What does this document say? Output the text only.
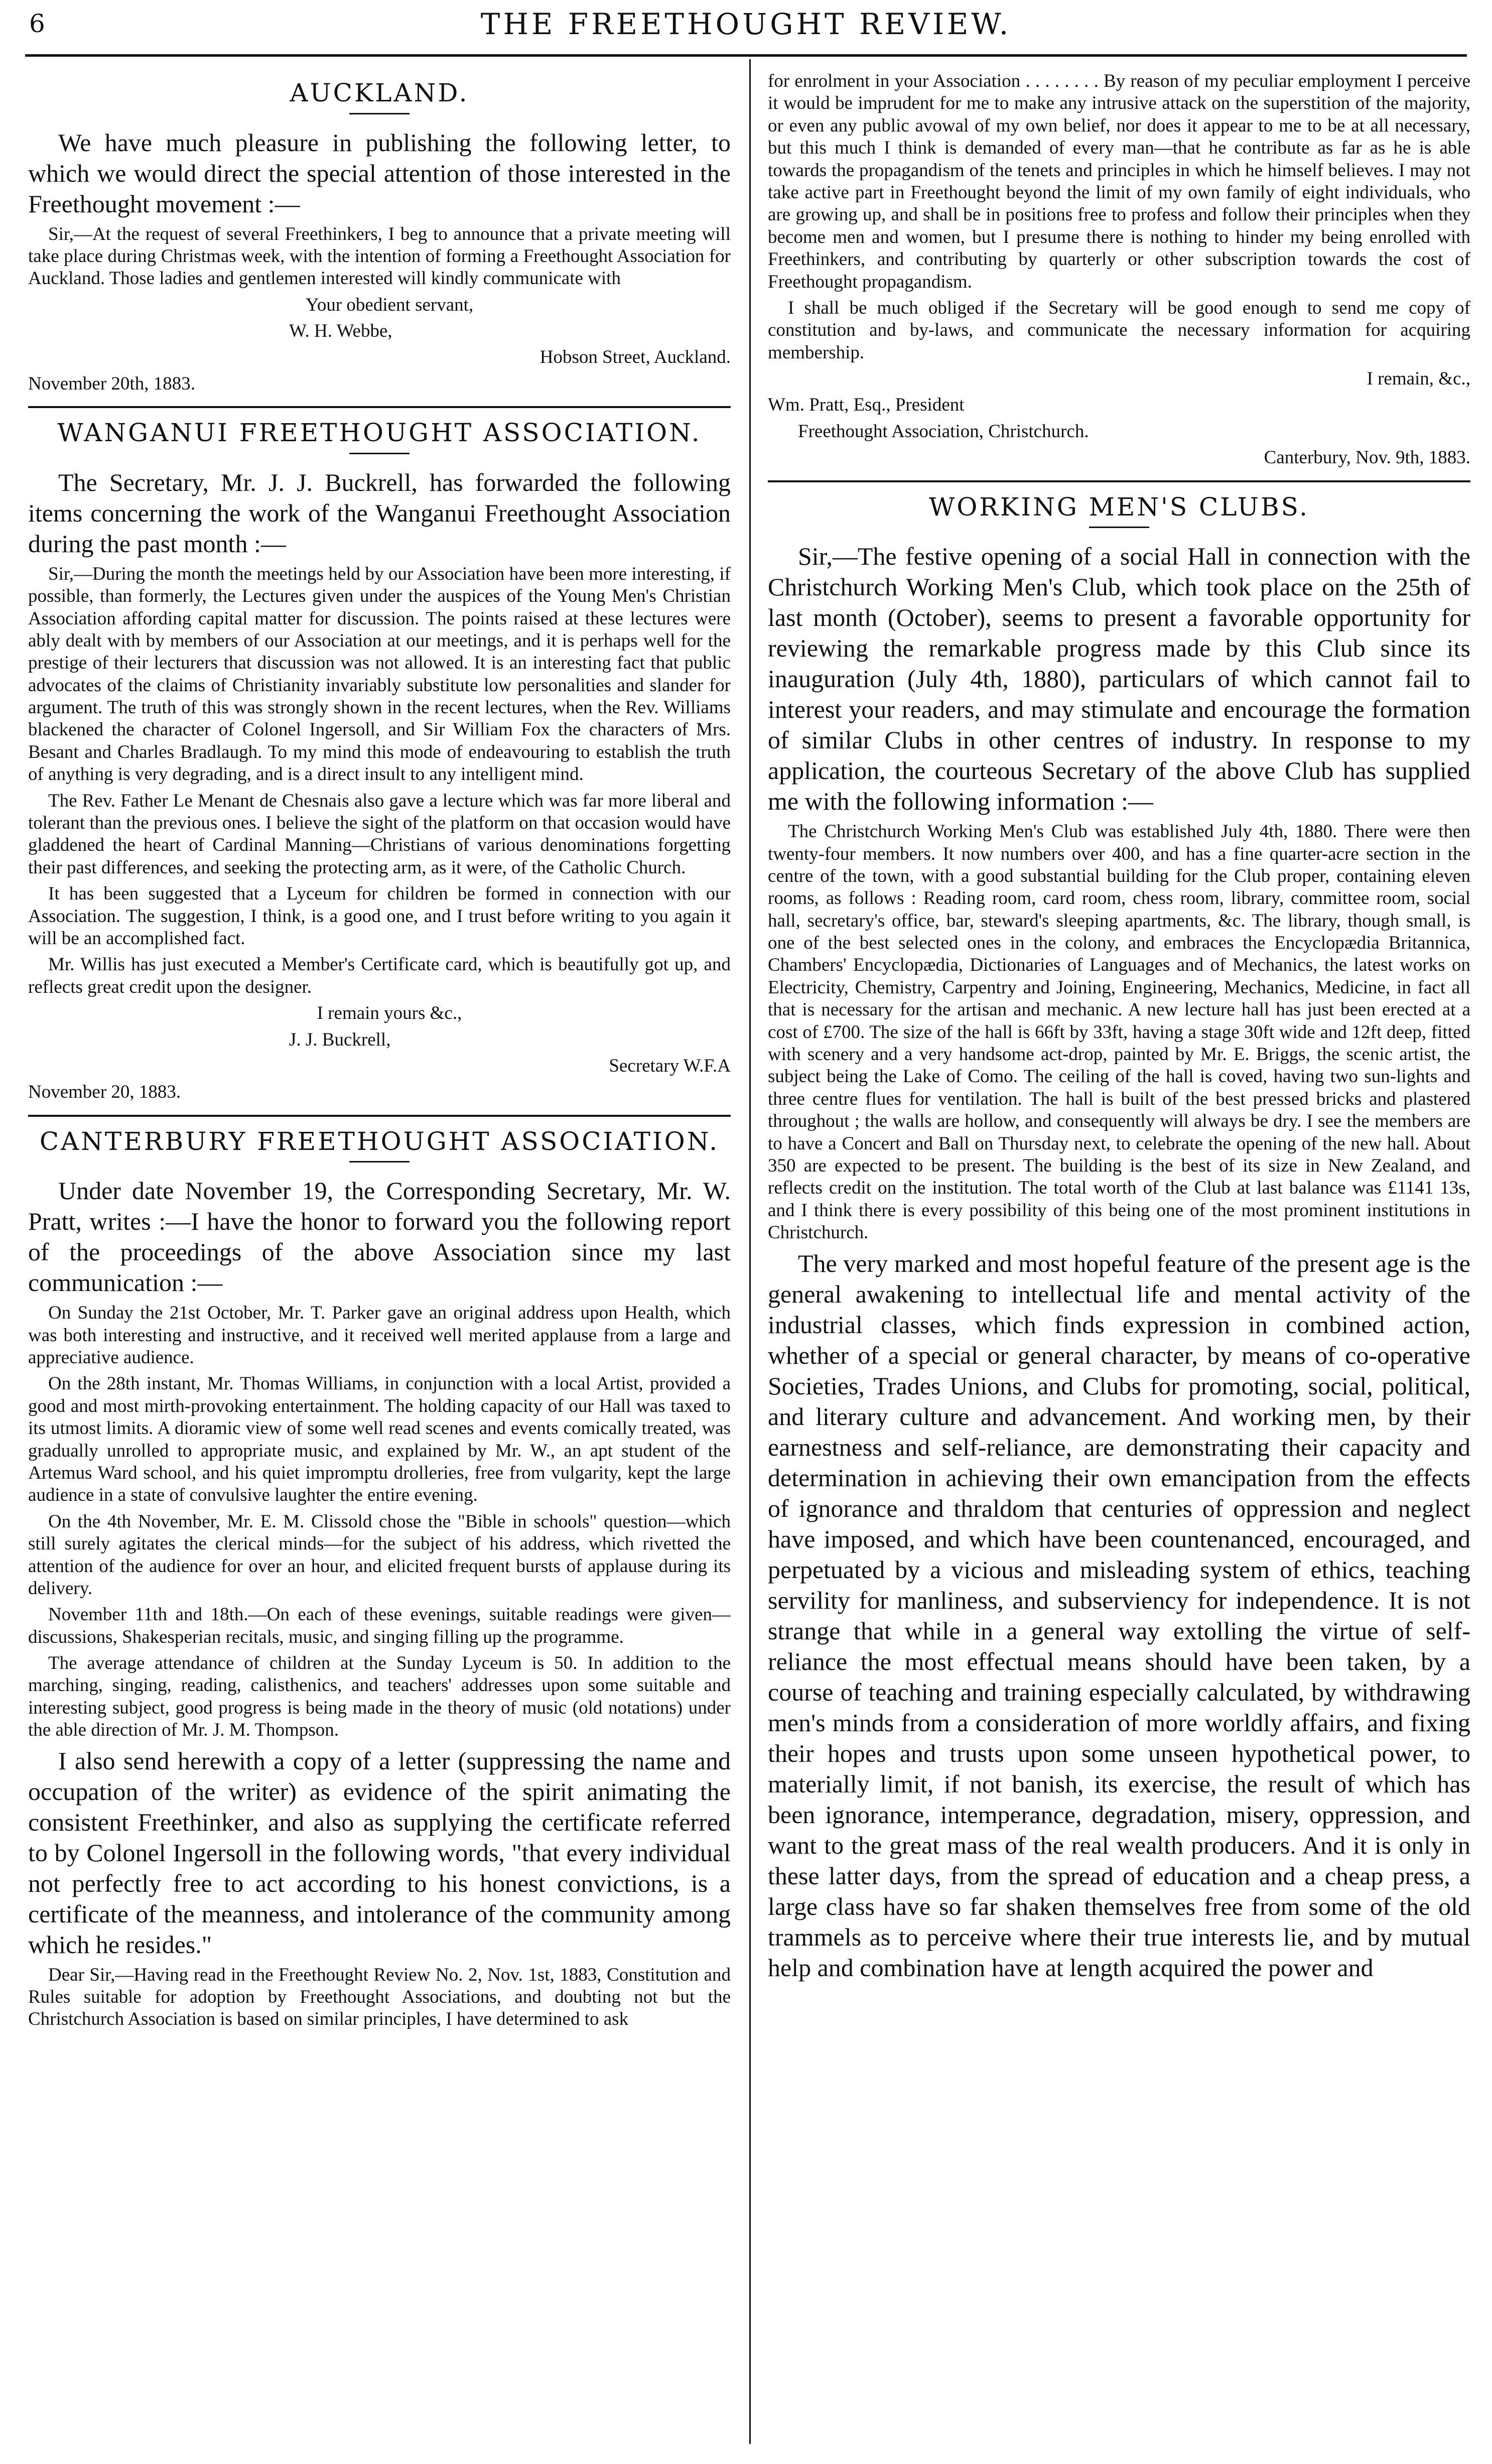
6	THE FREETHOUGHT REVIEW.
AUCKLAND.

We have much pleasure in publishing the following letter, to which we would direct the special attention of those interested in the Freethought movement :—

Sir,—At the request of several Freethinkers, I beg to announce that a private meeting will take place during Christmas week, with the intention of forming a Freethought Association for Auckland. Those ladies and gentlemen interested will kindly communicate with

Your obedient servant,

W. H. Webbe,

Hobson Street, Auckland.

November 20th, 1883.

WANGANUI FREETHOUGHT ASSOCIATION.

The Secretary, Mr. J. J. Buckrell, has forwarded the following items concerning the work of the Wanganui Freethought Association during the past month :—

Sir,—During the month the meetings held by our Association have been more interesting, if possible, than formerly, the Lectures given under the auspices of the Young Men's Christian Association affording capital matter for discussion. The points raised at these lectures were ably dealt with by members of our Association at our meetings, and it is perhaps well for the prestige of their lecturers that discussion was not allowed. It is an interesting fact that public advocates of the claims of Christianity invariably substitute low personalities and slander for argument. The truth of this was strongly shown in the recent lectures, when the Rev. Williams blackened the character of Colonel Ingersoll, and Sir William Fox the characters of Mrs. Besant and Charles Bradlaugh. To my mind this mode of endeavouring to establish the truth of anything is very degrading, and is a direct insult to any intelligent mind.

The Rev. Father Le Menant de Chesnais also gave a lecture which was far more liberal and tolerant than the previous ones. I believe the sight of the platform on that occasion would have gladdened the heart of Cardinal Manning—Christians of various denominations forgetting their past differences, and seeking the protecting arm, as it were, of the Catholic Church.

It has been suggested that a Lyceum for children be formed in connection with our Association. The suggestion, I think, is a good one, and I trust before writing to you again it will be an accomplished fact.

Mr. Willis has just executed a Member's Certificate card, which is beautifully got up, and reflects great credit upon the designer.

I remain yours &c.,

J. J. Buckrell,

Secretary W.F.A

November 20, 1883.

CANTERBURY FREETHOUGHT ASSOCIATION.

Under date November 19, the Corresponding Secretary, Mr. W. Pratt, writes :—I have the honor to forward you the following report of the proceedings of the above Association since my last communication :—

On Sunday the 21st October, Mr. T. Parker gave an original address upon Health, which was both interesting and instructive, and it received well merited applause from a large and appreciative audience.

On the 28th instant, Mr. Thomas Williams, in conjunction with a local Artist, provided a good and most mirth-provoking entertainment. The holding capacity of our Hall was taxed to its utmost limits. A dioramic view of some well read scenes and events comically treated, was gradually unrolled to appropriate music, and explained by Mr. W., an apt student of the Artemus Ward school, and his quiet impromptu drolleries, free from vulgarity, kept the large audience in a state of convulsive laughter the entire evening.

On the 4th November, Mr. E. M. Clissold chose the "Bible in schools" question—which still surely agitates the clerical minds—for the subject of his address, which rivetted the attention of the audience for over an hour, and elicited frequent bursts of applause during its delivery.

November 11th and 18th.—On each of these evenings, suitable readings were given—discussions, Shakesperian recitals, music, and singing filling up the programme.

The average attendance of children at the Sunday Lyceum is 50. In addition to the marching, singing, reading, calisthenics, and teachers' addresses upon some suitable and interesting subject, good progress is being made in the theory of music (old notations) under the able direction of Mr. J. M. Thompson.

I also send herewith a copy of a letter (suppressing the name and occupation of the writer) as evidence of the spirit animating the consistent Freethinker, and also as supplying the certificate referred to by Colonel Ingersoll in the following words, "that every individual not perfectly free to act according to his honest convictions, is a certificate of the meanness, and intolerance of the community among which he resides."

Dear Sir,—Having read in the Freethought Review No. 2, Nov. 1st, 1883, Constitution and Rules suitable for adoption by Freethought Associations, and doubting not but the Christchurch Association is based on similar principles, I have determined to ask

for enrolment in your Association . . . . . . . . By reason of my peculiar employment I perceive it would be imprudent for me to make any intrusive attack on the superstition of the majority, or even any public avowal of my own belief, nor does it appear to me to be at all necessary, but this much I think is demanded of every man—that he contribute as far as he is able towards the propagandism of the tenets and principles in which he himself believes. I may not take active part in Freethought beyond the limit of my own family of eight individuals, who are growing up, and shall be in positions free to profess and follow their principles when they become men and women, but I presume there is nothing to hinder my being enrolled with Freethinkers, and contributing by quarterly or other subscription towards the cost of Freethought propagandism.

I shall be much obliged if the Secretary will be good enough to send me copy of constitution and by-laws, and communicate the necessary information for acquiring membership.

I remain, &c.,

Wm. Pratt, Esq., President

Freethought Association, Christchurch.

Canterbury, Nov. 9th, 1883.

WORKING MEN'S CLUBS.

Sir,—The festive opening of a social Hall in connection with the Christchurch Working Men's Club, which took place on the 25th of last month (October), seems to present a favorable opportunity for reviewing the remarkable progress made by this Club since its inauguration (July 4th, 1880), particulars of which cannot fail to interest your readers, and may stimulate and encourage the formation of similar Clubs in other centres of industry. In response to my application, the courteous Secretary of the above Club has supplied me with the following information :—

The Christchurch Working Men's Club was established July 4th, 1880. There were then twenty-four members. It now numbers over 400, and has a fine quarter-acre section in the centre of the town, with a good substantial building for the Club proper, containing eleven rooms, as follows : Reading room, card room, chess room, library, committee room, social hall, secretary's office, bar, steward's sleeping apartments, &c. The library, though small, is one of the best selected ones in the colony, and embraces the Encyclopædia Britannica, Chambers' Encyclopædia, Dictionaries of Languages and of Mechanics, the latest works on Electricity, Chemistry, Carpentry and Joining, Engineering, Mechanics, Medicine, in fact all that is necessary for the artisan and mechanic. A new lecture hall has just been erected at a cost of £700. The size of the hall is 66ft by 33ft, having a stage 30ft wide and 12ft deep, fitted with scenery and a very handsome act-drop, painted by Mr. E. Briggs, the scenic artist, the subject being the Lake of Como. The ceiling of the hall is coved, having two sun-lights and three centre flues for ventilation. The hall is built of the best pressed bricks and plastered throughout ; the walls are hollow, and consequently will always be dry. I see the members are to have a Concert and Ball on Thursday next, to celebrate the opening of the new hall. About 350 are expected to be present. The building is the best of its size in New Zealand, and reflects credit on the institution. The total worth of the Club at last balance was £1141 13s, and I think there is every possibility of this being one of the most prominent institutions in Christchurch.

The very marked and most hopeful feature of the present age is the general awakening to intellectual life and mental activity of the industrial classes, which finds expression in combined action, whether of a special or general character, by means of co-operative Societies, Trades Unions, and Clubs for promoting, social, political, and literary culture and advancement. And working men, by their earnestness and self-reliance, are demonstrating their capacity and determination in achieving their own emancipation from the effects of ignorance and thraldom that centuries of oppression and neglect have imposed, and which have been countenanced, encouraged, and perpetuated by a vicious and misleading system of ethics, teaching servility for manliness, and subserviency for independence. It is not strange that while in a general way extolling the virtue of self-reliance the most effectual means should have been taken, by a course of teaching and training especially calculated, by withdrawing men's minds from a consideration of more worldly affairs, and fixing their hopes and trusts upon some unseen hypothetical power, to materially limit, if not banish, its exercise, the result of which has been ignorance, intemperance, degradation, misery, oppression, and want to the great mass of the real wealth producers. And it is only in these latter days, from the spread of education and a cheap press, a large class have so far shaken themselves free from some of the old trammels as to perceive where their true interests lie, and by mutual help and combination have at length acquired the power and
